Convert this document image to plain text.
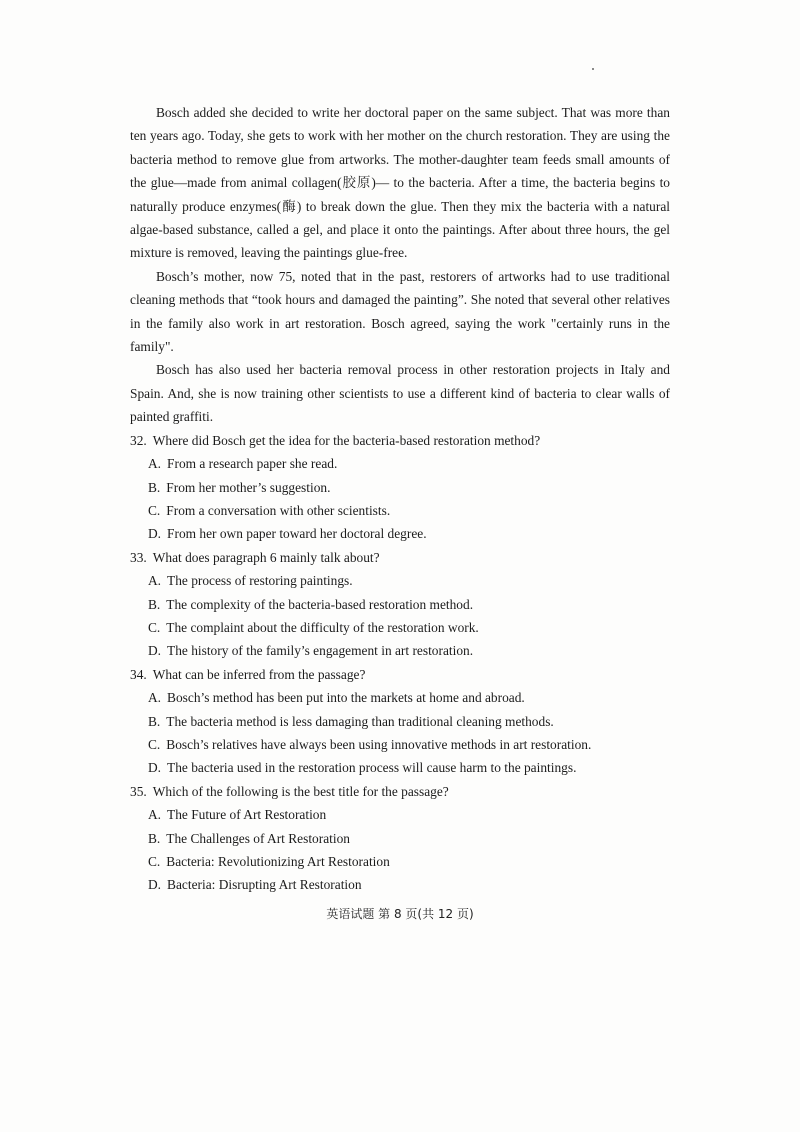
Bosch added she decided to write her doctoral paper on the same subject. That was more than ten years ago. Today, she gets to work with her mother on the church restoration. They are using the bacteria method to remove glue from artworks. The mother-daughter team feeds small amounts of the glue—made from animal collagen(胶原)— to the bacteria. After a time, the bacteria begins to naturally produce enzymes(酶) to break down the glue. Then they mix the bacteria with a natural algae-based substance, called a gel, and place it onto the paintings. After about three hours, the gel mixture is removed, leaving the paintings glue-free.

Bosch’s mother, now 75, noted that in the past, restorers of artworks had to use traditional cleaning methods that “took hours and damaged the painting”. She noted that several other relatives in the family also work in art restoration. Bosch agreed, saying the work "certainly runs in the family".

Bosch has also used her bacteria removal process in other restoration projects in Italy and Spain. And, she is now training other scientists to use a different kind of bacteria to clear walls of painted graffiti.

32. Where did Bosch get the idea for the bacteria-based restoration method?

A. From a research paper she read.
B. From her mother’s suggestion.
C. From a conversation with other scientists.
D. From her own paper toward her doctoral degree.

33. What does paragraph 6 mainly talk about?

A. The process of restoring paintings.
B. The complexity of the bacteria-based restoration method.
C. The complaint about the difficulty of the restoration work.
D. The history of the family’s engagement in art restoration.

34. What can be inferred from the passage?

A. Bosch’s method has been put into the markets at home and abroad.
B. The bacteria method is less damaging than traditional cleaning methods.
C. Bosch’s relatives have always been using innovative methods in art restoration.
D. The bacteria used in the restoration process will cause harm to the paintings.

35. Which of the following is the best title for the passage?

A. The Future of Art Restoration
B. The Challenges of Art Restoration
C. Bacteria: Revolutionizing Art Restoration
D. Bacteria: Disrupting Art Restoration
英语试题 第 8 页(共 12 页)
